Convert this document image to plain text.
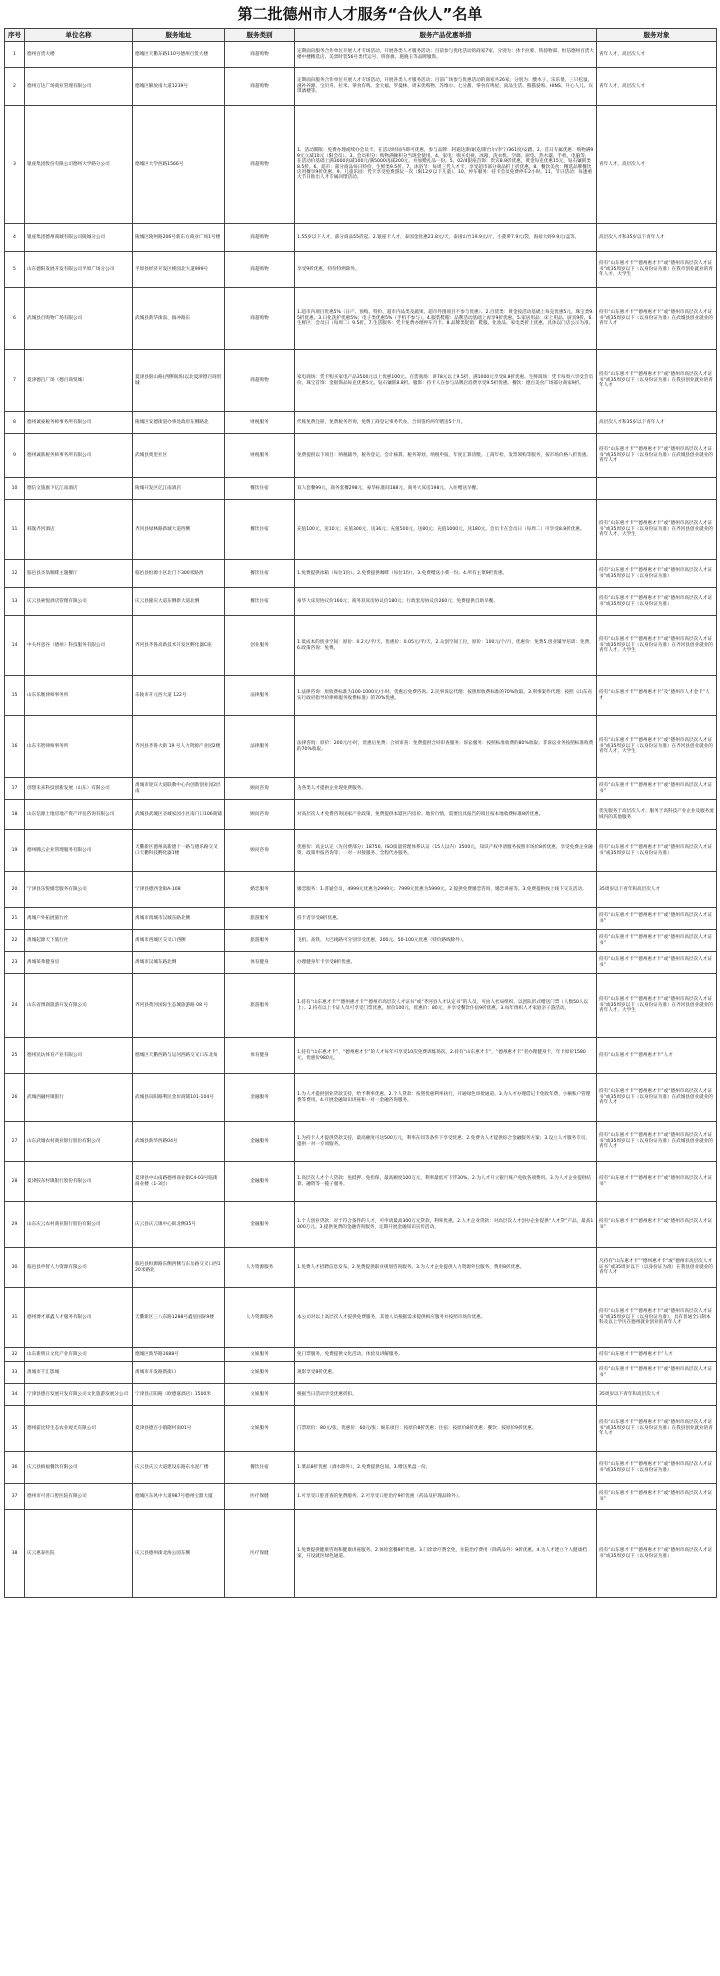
第二批德州市人才服务“合伙人”名单
序号	单位名称	服务地址	服务类别	服务产品优惠举措	服务对象
1	德州百货大楼	德城区天衢东路110号德州百货大楼	商超购物	定期面向服务合作单位开展人才专场活动，开展各类人才服务活动；目前参与优化活动的商家7家，分别为：体卡拉蒙、铁骑物部、恒信德州百货大楼中楼精选店、美景时装56号类代运号、班客旗、施晓玉等品牌服饰。	青年人才、高层次人才
2	德州万达广场商业管理有限公司	德城区解放南大道1239号	商超购物	定期面向服务合作单位开展人才专场活动，开展各类人才服务活动；目前广场参与优惠活动的商家共26家，分别为：酸木子、乐乐菜、三只松鼠、滋补养源、宝贝舟、拉米、零食有鸣、金大福、罗曼林、周末优购物、苏维尔、七分甜、零食有鸣屋、尚品生活、熊猫爱购、HINS、开心人儿、宾琪酒楼等。	青年人才、高层次人才
3	银座集团股份有限公司德州大学路分公司	德城区大学西路1566号	商超购物	1、活动期限：免费办理或续办会员卡，在活动时间内即可优惠，参与品牌：阿迪达斯/耐克/斯台尔/李宁/361度/安踏。2、首日专属优惠：购物满99元立减10元（限会员）。3、会员积分：购物满额积分当现金使用。4、家电：购买电视、冰箱、洗衣机、空调、厨电、热水器、手机、电脑等，在活动价基础上满3000再减100元/满5000再减200元，并加赠礼品一份。5、02/4银座首饰：贵宾8.8折优惠，黄金每克优惠15元，钻石镶嵌类8.5折。6、超市：部分商品每日特价，生鲜类9.5折。7、沐浴节：每周三凭人才卡，享受超市部分商品折上折优惠。8、餐饮美食：精选品牌餐饮店用餐享9折优惠。9、儿童乐园：凭卡享受免费游玩一次（限12岁以下儿童）。10、停车服务：持卡会员免费停车2小时。11、节日活动：每逢重大节日推出人才专属回馈活动。	青年人才、高层次人才
4	银座集团德州商城有限公司陵城分公司	陵城区陵州路206号新东方商业广场1号楼	商超购物	1.55岁以下人才，部分商品55折起。2.银座卡人才，泰国金优惠23.8元/天，泰国山竹19.9元/斤，小菠萝7.9元/袋，海盐大虾9.9元/盒等。	高层次人才和35岁以下青年人才
5	山东德阳发展开发有限公司平原广场分公司	平原县经济开发区桃园北大道999号	商超购物	享受9折优惠，特价特例除外。	持有“山东惠才卡”“德州惠才卡”或“德州市高层次人才证书”或35周岁以下（以身份证为准）在我市创业就业的青年人才、大学生
6	武城县百购物广场有限公司	武城县新华街南、倘冲路东	商超购物	1.超市内项目优惠5%（日产、预购、特价、超市内品类及蔬果、超市外围项目不参与优惠）。2.百货类：黄金按活动基础上每克优惠5元，珠宝类9.5折优惠。3.日化洗护优惠5%；电子类优惠5%（手机不参与）。4.服装鞋帽：品牌活动基础上再享9折优惠。5.家居用品：床上用品、厨具9折。6.生鲜区：会员日（每周二）9.5折。7.生活服务：凭卡免费办理停车月卡。8.品牌类促销：鞋服、化妆品、家电类折上优惠，具体以门店公示为准。	持有“山东惠才卡”“德州惠才卡”或“德州市高层次人才证书”或35周岁以下（以身份证为准）在武城县创业就业的青年人才
7	夏津德百广场（德百商贸城）	夏津县银山路(西侧商场)以北夏津德百商贸城	商超购物	家电商场：凭卡购买家电产品3500元以上优惠100元。百货商场：讲78元以上9.5折，满1000元享受8.8折优惠。生鲜商场：凭卡每周六享受会员价。珠宝首饰：金银饰品每克优惠5元，钻石镶嵌8.8折。服饰：持卡人在参与品牌店消费享受9.5折优惠。餐饮：德百美食广场部分商家9折。	持有“山东惠才卡”“德州惠才卡”或“德州市高层次人才证书”或35周岁以下（以身份证为准）在我县创业就业的青年人才
8	德州诚豪税务师事务所有限公司	陵城区安德街道办事处政府东侧路北	财税服务	代账免费注册，免费税务咨询，免费工商登记事务代办，合同签约两年赠送5个月。	高层次人才和35岁以下青年人才
9	德州诚新税务师事务所有限公司	武城县奥里社区	财税服务	免费提供以下项目：纳税辅导，税务登记，会计核算，税务筹划，纳税申报，年度汇算清缴，工商年检，发票领购等服务，按市场价格八折优惠。	持有“山东惠才卡”“德州惠才卡”或“德州市高层次人才证书”或35周岁以下（以身份证为准）在武城县创业就业的青年人才
10	德信文旅旗下亿江南酒店	陵城开发区亿江南酒店	餐饮住宿	双人套餐99元，商务套餐298元，豪华标准间188元，商务大床房198元。入住赠送早餐。	
11	韩逸齐河酒店	齐河县绿林路新城大道西侧	餐饮住宿	充值100元，送10元；充值300元，送36元；充值500元，送80元；充值1000元，送180元。会员卡在会员日（每周二）可享受8.8折优惠。	持有“山东惠才卡”“德州惠才卡”或“德州市高层次人才证书”或35周岁以下（以身份证为准）在齐河县创业就业的青年人才、大学生
12	临邑县圣翁咖啡主题餐厅	临邑县恒源小区北门下300米路西	餐饮住宿	1.免费提供冰箱（每位1份）。2.免费提供咖啡（每位1份）。3.免费赠送小菜一份。4.所有主菜9折优惠。	持有“山东惠才卡”“德州惠才卡”或“德州市高层次人才证书”或35周岁以下（以身份证为准）
13	庆云县索悦酒店管理有限公司	庆云县隆庆大道东侧新大道北侧	餐饮住宿	豪华大床房协议价160元；商务双床房协议价180元；行政套房协议价260元；免费提供自助早餐。	持有“山东惠才卡”“德州惠才卡”或“德州市高层次人才证书”或35周岁以下（以身份证为准）
14	中关村意谷（德州）科技服务有限公司	齐河县齐鲁高新技术开发区孵化器C座	创业服务	1.低成本的创业空间：原价：0.2元/平/天，优惠价：0.05元/平/天，2.众创空间工位，原价：100元/个/月，优惠价：免费5.创业辅导培训：免费，6.政策咨询：免费。	持有“山东惠才卡”“德州惠才卡”或“德州市高层次人才证书”或35周岁以下（以身份证为准）在齐河县创业就业的青年人才、大学生
15	山东乐衡律师事务所	乐陵市开元西大道 122号	法律服务	1.法律咨询：原收费标准为100-1000元/小时，优惠后免费咨询。2.民事诉讼代理：按照原收费标准的70%收取。3.刑事案件代理：按照《山东省实行政府指导价律师服务收费标准》的70%优惠。	持有“山东惠才卡”“德州惠才卡”及“德州市人才金卡”人才
16	山东韦智律师事务所	齐河县齐鲁大街 19 号人力资源产业园2楼	法律服务	法律咨询：原价：200元/小时，优惠后免费；合同审查：免费提供合同审查服务；诉讼服务：按照标准收费的80%收取；非诉讼业务按照标准收费的70%收取。	持有“山东惠才卡”“德州惠才卡”或“德州市高层次人才证书”或35周岁以下（以身份证为准）在齐河县创业就业的青年人才、大学生
17	创想未来科技创新发展（山东）有限公司	禹城市迎宾大道联教中心内创新创业园2层南	顾问咨询	为各类人才提供企业现免费服务。	持有“山东惠才卡”“德州惠才卡”或“德州市高层次人才证书”
18	山东信源土地房地产资产评估咨询有限公司	武城县武城区圣城家园小区南门口106商铺	顾问咨询	对高层次人才免费咨询国家产业政策，免费提供本辖区内房价、地价行情，需要出具报告的项目按本地收费标准8折优惠。	优先服务于高层次人才；服务于高科技产业企业及服务流域内的其他服务
19	德州腾云企业管理服务有限公司	天衢新区德州高新德十一路与德乐路交叉口天衢科技孵化器1楼	顾问咨询	优惠价：高企认定（先付费部分）18750。ISO质量管理体系认证（15人以内）3500元，知识产权申请服务按照市场价8折优惠，享受免费企业融资、政策申报咨询等；一对一对接服务、全程代办服务。	持有“山东惠才卡”“德州惠才卡”或“德州市高层次人才证书”或35周岁以下（以身份证为准）
20	宁津县乐悦婚恋服务有限公司	宁津县德西金街A-108	婚恋服务	婚恋服务：1.普通会员，4999元优惠为2999元；7999元优惠为5999元。2.提供免费婚恋咨询、婚恋讲座等。3.免费提供线上线下交友活动。	35周岁以下青年和高层次人才
21	禹城户外拓展旅行社	禹城市禹城市汉城东路北侧	旅游服务	持卡者享受8折优惠。	持有“山东惠才卡”“德州惠才卡”或“德州市高层次人才证书”
22	禹城起源天下旅行社	禹城市西城区交叉口西侧	旅游服务	飞机、高铁、大巴线路可分别享受优惠，200元、50-100元优惠（特价路线除外）。	持有“山东惠才卡”“德州惠才卡”或“德州市高层次人才证书”
23	禹城莱弗健身房	禹城市汉城东路北侧	体育健身	办理健身年卡享受8折优惠。	持有“山东惠才卡”“德州惠才卡”或“德州市高层次人才证书”
24	山东省博润旅游开发有限公司	齐河县黄河国际生态城旅游路 08 号	旅游服务	1.持有“山东惠才卡”“德州惠才卡”“德州市高层次人才证书”或“齐河县人才认定书”的人员，可由人社局组织，以团队形式赠送门票（人数50人以上）。2.持有以上卡证人员可享受门票优惠，原价100元，优惠价：80元，并享受餐饮住宿9折优惠。3.每年组织人才家庭亲子游活动。	持有“山东惠才卡”“德州惠才卡”或“德州市高层次人才证书”或35周岁以下（以身份证为准）在齐河县创业就业的青年人才、大学生
25	德州民坊体育产业有限公司	德城区天衢西路与运河西路交叉口东北角	体育健身	1.持有“山东惠才卡”，“德州惠才卡”的人才每年可享受10次免费训练场次。2.持有“山东惠才卡”，“德州惠才卡”者办理健身卡，年卡原价1580元，优惠价980元。	持有“山东惠才卡”“德州惠才卡”人才
26	武城西融村镇银行	武城县向阳路利民金岸商铺101-104号	金融服务	1.为人才提供创业贷款支持，给予利率优惠。2.个人贷款：按照优惠利率执行，开通绿色审批通道。3.为人才办理借记卡免收年费、小额账户管理费等费用。4.开展金融知识讲座和一对一金融咨询服务。	持有“山东惠才卡”“德州惠才卡”或“德州市高层次人才证书”或35周岁以下（以身份证为准）在武城县创业就业的青年人才
27	山东武城农村商业银行股份有限公司	武城县新华西路04号	金融服务	1.为持卡人才提供贷款支持，最高额度可达500万元，利率在同等条件下享受优惠；2.免费为人才提供综合金融服务方案；3.设立人才服务专员，提供一对一专项服务。	持有“山东惠才卡”“德州惠才卡”或“德州市高层次人才证书”或35周岁以下（以身份证为准）在武城县创业就业的青年人才
28	夏津胶东村镇银行股份有限公司	夏津县中山南路德州商业街C4-03号临街商业楼（1-3层）	金融服务	1.高层次人才个人贷款：免抵押、免担保，最高额度100万元，利率最低可下浮30%。2.为人才开立银行账户免收各项费用。3.为人才企业提供结算、融资等一揽子服务。	持有“山东惠才卡”“德州惠才卡”或“德州市高层次人才证书”
29	山东庆云农村商业银行股份有限公司	庆云县庆云镇中心街北侧35号	金融服务	1.个人创业贷款：对于符合条件的人才，可申请最高300万元贷款，利率优惠。2.人才企业贷款：对高层次人才创办企业提供“人才贷”产品，最高1000万元。3.提供免费的金融咨询服务，定期开展金融知识宣传活动。	持有“山东惠才卡”“德州惠才卡”或“德州市高层次人才证书”
30	临邑县申智人力资源有限公司	临邑县恒源路东侧西侧与东岳路交叉口西120米路北	人力资源服务	1.免费人才招聘信息发布。2.免费提供职业规划咨询服务。3.为人才企业提供人力资源外包服务，费用8折优惠。	凡持有“山东惠才卡”“德州惠才卡”或“德州市高层次人才证书”或35周岁以下（以身份证为准）在我县创业就业的青年人才
31	德州博才慕鑫人才服务有限公司	天衢新区三八东路1288号鑫星国际9楼	人力资源服务	本公司对以上高层次人才提供免费服务，其他人员根据需求提供相应服务并按照市场价优惠。	持有“山东惠才卡”“德州惠才卡”或“德州市高层次人才证书”或35周岁以下（以身份证为准），具有普通全日制本科及以上学历在德州就业创业的青年人才
32	山东新明日文化产业有限公司	德城区新华路1688号	文娱服务	免门票服务，免费提供文化活动、体验及讲解服务。	持有“山东惠才卡”“德州惠才卡”人才
33	禹城市千汇影城	禹城市开发路新街口	文娱服务	观影享受8折优惠。	持有“山东惠才卡”“德州惠才卡”或“德州市高层次人才证书”
34	宁津县德百发展开发有限公司文化旅游发展分公司	宁津县正阳路（欧德嘉酒店）1500米	文娱服务	根据当日活动享受优惠折扣。	35周岁以下青年和高层次人才
35	德州霍比特生态农业观光有限公司	夏津县德百小镇隋村南01号	文娱服务	门票原价：80元/张，优惠价：60元/张；娱乐项目：按原价8折优惠；住宿：按原价8折优惠；餐饮：按原价9折优惠。	持有“山东惠才卡”“德州惠才卡”或“德州市高层次人才证书”或35周岁以下（以身份证为准）在我县创业就业的青年人才
36	庆云县缤福餐饮有限公司	庆云县庆云大道建设东路东水泥厂楼	餐饮住宿	1.菜品8折优惠（酒水除外）。2.免费提供包间。3.赠送果盘一份。	持有“山东惠才卡”“德州惠才卡”或“德州市高层次人才证书”或35周岁以下（以身份证为准）
37	德州市可普口腔医院有限公司	德城区东风中大道987号德州宝鼎大厦	医疗保健	1.可享受口腔普查的免费服务。2.可享受口腔治疗9折优惠（药品及护理品除外）。	持有“山东惠才卡”“德州惠才卡”或“德州市高层次人才证书”
38	庆云惠泰医院	庆云县德州街北海公园东侧	医疗保健	1.免费提供健康咨询和健康讲座服务。2.体检套餐8折优惠。3.门诊诊疗费全免，住院治疗费用（除药品外）9折优惠。4.为人才建立个人健康档案，开设就医绿色通道。	持有“山东惠才卡”“德州惠才卡”或“德州市高层次人才证书”或35周岁以下（以身份证为准）
